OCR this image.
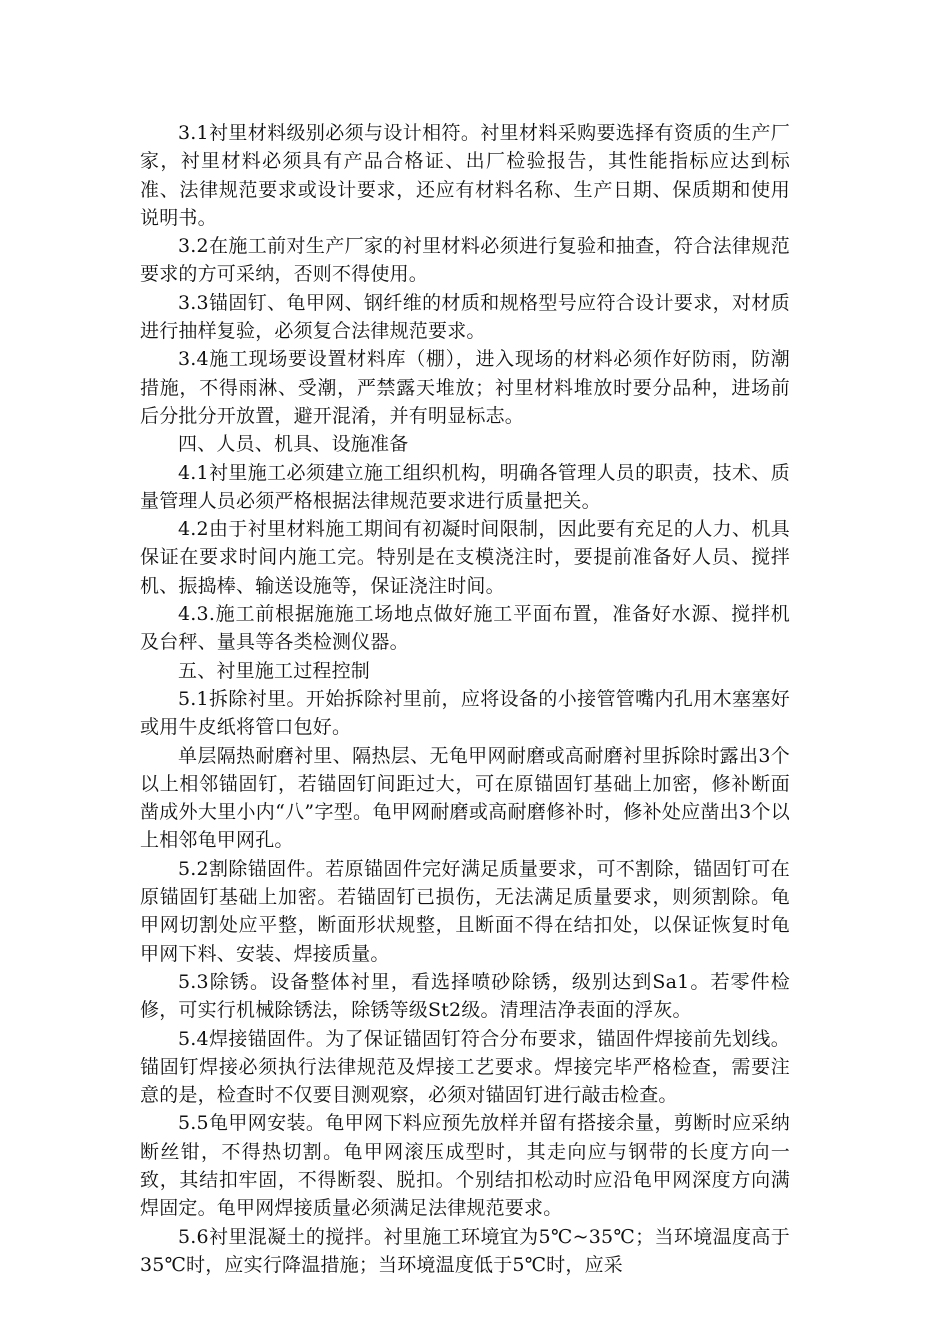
3.1衬里材料级别必须与设计相符。衬里材料采购要选择有资质的生产厂家，衬里材料必须具有产品合格证、出厂检验报告，其性能指标应达到标准、法律规范要求或设计要求，还应有材料名称、生产日期、保质期和使用说明书。

3.2在施工前对生产厂家的衬里材料必须进行复验和抽查，符合法律规范要求的方可采纳，否则不得使用。

3.3锚固钉、龟甲网、钢纤维的材质和规格型号应符合设计要求，对材质进行抽样复验，必须复合法律规范要求。

3.4施工现场要设置材料库（棚），进入现场的材料必须作好防雨，防潮措施，不得雨淋、受潮，严禁露天堆放；衬里材料堆放时要分品种，进场前后分批分开放置，避开混淆，并有明显标志。

四、人员、机具、设施准备

4.1衬里施工必须建立施工组织机构，明确各管理人员的职责，技术、质量管理人员必须严格根据法律规范要求进行质量把关。

4.2由于衬里材料施工期间有初凝时间限制，因此要有充足的人力、机具保证在要求时间内施工完。特别是在支模浇注时，要提前准备好人员、搅拌机、振捣棒、输送设施等，保证浇注时间。

4.3.施工前根据施施工场地点做好施工平面布置，准备好水源、搅拌机及台秤、量具等各类检测仪器。

五、衬里施工过程控制

5.1拆除衬里。开始拆除衬里前，应将设备的小接管管嘴内孔用木塞塞好或用牛皮纸将管口包好。

单层隔热耐磨衬里、隔热层、无龟甲网耐磨或高耐磨衬里拆除时露出3个以上相邻锚固钉，若锚固钉间距过大，可在原锚固钉基础上加密，修补断面凿成外大里小内“八”字型。龟甲网耐磨或高耐磨修补时，修补处应凿出3个以上相邻龟甲网孔。

5.2割除锚固件。若原锚固件完好满足质量要求，可不割除，锚固钉可在原锚固钉基础上加密。若锚固钉已损伤，无法满足质量要求，则须割除。龟甲网切割处应平整，断面形状规整，且断面不得在结扣处，以保证恢复时龟甲网下料、安装、焊接质量。

5.3除锈。设备整体衬里，看选择喷砂除锈，级别达到Sa1。若零件检修，可实行机械除锈法，除锈等级St2级。清理洁净表面的浮灰。

5.4焊接锚固件。为了保证锚固钉符合分布要求，锚固件焊接前先划线。锚固钉焊接必须执行法律规范及焊接工艺要求。焊接完毕严格检查，需要注意的是，检查时不仅要目测观察，必须对锚固钉进行敲击检查。

5.5龟甲网安装。龟甲网下料应预先放样并留有搭接余量，剪断时应采纳断丝钳，不得热切割。龟甲网滚压成型时，其走向应与钢带的长度方向一致，其结扣牢固，不得断裂、脱扣。个别结扣松动时应沿龟甲网深度方向满焊固定。龟甲网焊接质量必须满足法律规范要求。

5.6衬里混凝土的搅拌。衬里施工环境宜为5℃~35℃；当环境温度高于35℃时，应实行降温措施；当环境温度低于5℃时，应采
